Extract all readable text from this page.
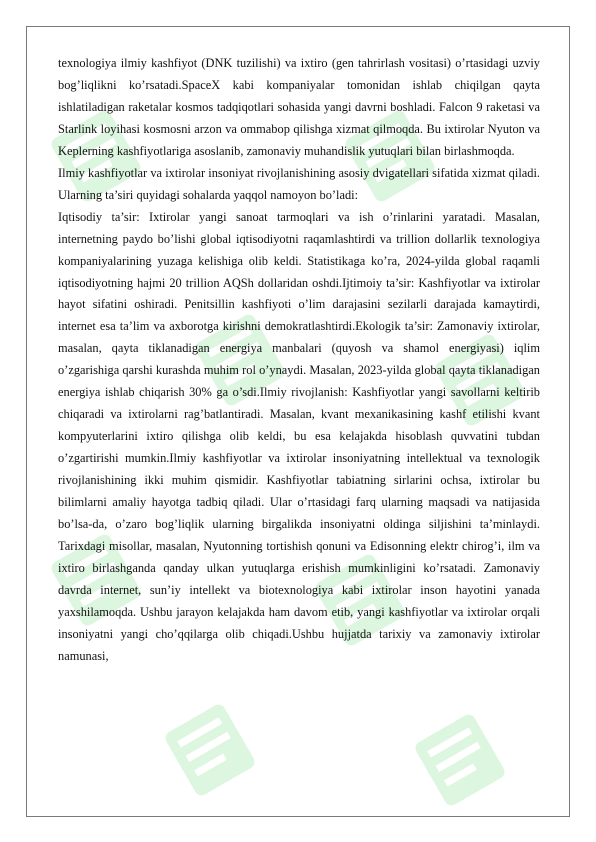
texnologiya ilmiy kashfiyot (DNK tuzilishi) va ixtiro (gen tahrirlash vositasi) o’rtasidagi uzviy bog’liqlikni ko’rsatadi.SpaceX kabi kompaniyalar tomonidan ishlab chiqilgan qayta ishlatiladigan raketalar kosmos tadqiqotlari sohasida yangi davrni boshladi. Falcon 9 raketasi va Starlink loyihasi kosmosni arzon va ommabop qilishga xizmat qilmoqda. Bu ixtirolar Nyuton va Keplerning kashfiyotlariga asoslanib, zamonaviy muhandislik yutuqlari bilan birlashmoqda.

Ilmiy kashfiyotlar va ixtirolar insoniyat rivojlanishining asosiy dvigatellari sifatida xizmat qiladi. Ularning ta’siri quyidagi sohalarda yaqqol namoyon bo’ladi:

Iqtisodiy ta’sir: Ixtirolar yangi sanoat tarmoqlari va ish o’rinlarini yaratadi. Masalan, internetning paydo bo’lishi global iqtisodiyotni raqamlashtirdi va trillion dollarlik texnologiya kompaniyalarining yuzaga kelishiga olib keldi. Statistikaga ko’ra, 2024-yilda global raqamli iqtisodiyotning hajmi 20 trillion AQSh dollaridan oshdi.Ijtimoiy ta’sir: Kashfiyotlar va ixtirolar hayot sifatini oshiradi. Penitsillin kashfiyoti o’lim darajasini sezilarli darajada kamaytirdi, internet esa ta’lim va axborotga kirishni demokratlashtirdi.Ekologik ta’sir: Zamonaviy ixtirolar, masalan, qayta tiklanadigan energiya manbalari (quyosh va shamol energiyasi) iqlim o’zgarishiga qarshi kurashda muhim rol o’ynaydi. Masalan, 2023-yilda global qayta tiklanadigan energiya ishlab chiqarish 30% ga o’sdi.Ilmiy rivojlanish: Kashfiyotlar yangi savollarni keltirib chiqaradi va ixtirolarni rag’batlantiradi. Masalan, kvant mexanikasining kashf etilishi kvant kompyuterlarini ixtiro qilishga olib keldi, bu esa kelajakda hisoblash quvvatini tubdan o’zgartirishi mumkin.Ilmiy kashfiyotlar va ixtirolar insoniyatning intellektual va texnologik rivojlanishining ikki muhim qismidir. Kashfiyotlar tabiatning sirlarini ochsa, ixtirolar bu bilimlarni amaliy hayotga tadbiq qiladi. Ular o’rtasidagi farq ularning maqsadi va natijasida bo’lsa-da, o’zaro bog’liqlik ularning birgalikda insoniyatni oldinga siljishini ta’minlaydi. Tarixdagi misollar, masalan, Nyutonning tortishish qonuni va Edisonning elektr chirog’i, ilm va ixtiro birlashganda qanday ulkan yutuqlarga erishish mumkinligini ko’rsatadi. Zamonaviy davrda internet, sun’iy intellekt va biotexnologiya kabi ixtirolar inson hayotini yanada yaxshilamoqda. Ushbu jarayon kelajakda ham davom etib, yangi kashfiyotlar va ixtirolar orqali insoniyatni yangi cho’qqilarga olib chiqadi.Ushbu hujjatda tarixiy va zamonaviy ixtirolar namunasi,
